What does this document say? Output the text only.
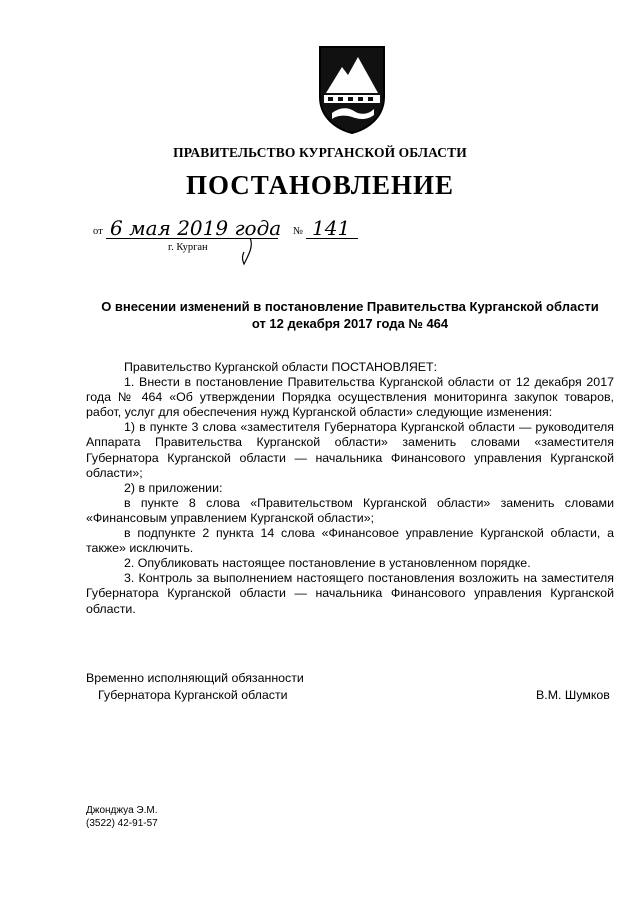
ПРАВИТЕЛЬСТВО КУРГАНСКОЙ ОБЛАСТИ
ПОСТАНОВЛЕНИЕ
от 6 мая 2019 года № 141
г. Курган
О внесении изменений в постановление Правительства Курганской области
от 12 декабря 2017 года № 464

Правительство Курганской области ПОСТАНОВЛЯЕТ:

1. Внести в постановление Правительства Курганской области от 12 декабря 2017 года № 464 «Об утверждении Порядка осуществления мониторинга закупок товаров, работ, услуг для обеспечения нужд Курганской области» следующие изменения:

1) в пункте 3 слова «заместителя Губернатора Курганской области — руководителя Аппарата Правительства Курганской области» заменить словами «заместителя Губернатора Курганской области — начальника Финансового управления Курганской области»;

2) в приложении:

в пункте 8 слова «Правительством Курганской области» заменить словами «Финансовым управлением Курганской области»;

в подпункте 2 пункта 14 слова «Финансовое управление Курганской области, а также» исключить.

2. Опубликовать настоящее постановление в установленном порядке.

3. Контроль за выполнением настоящего постановления возложить на заместителя Губернатора Курганской области — начальника Финансового управления Курганской области.

Временно исполняющий обязанности
Губернатора Курганской области	В.М. Шумков
Джонджуа Э.М.
(3522) 42-91-57
